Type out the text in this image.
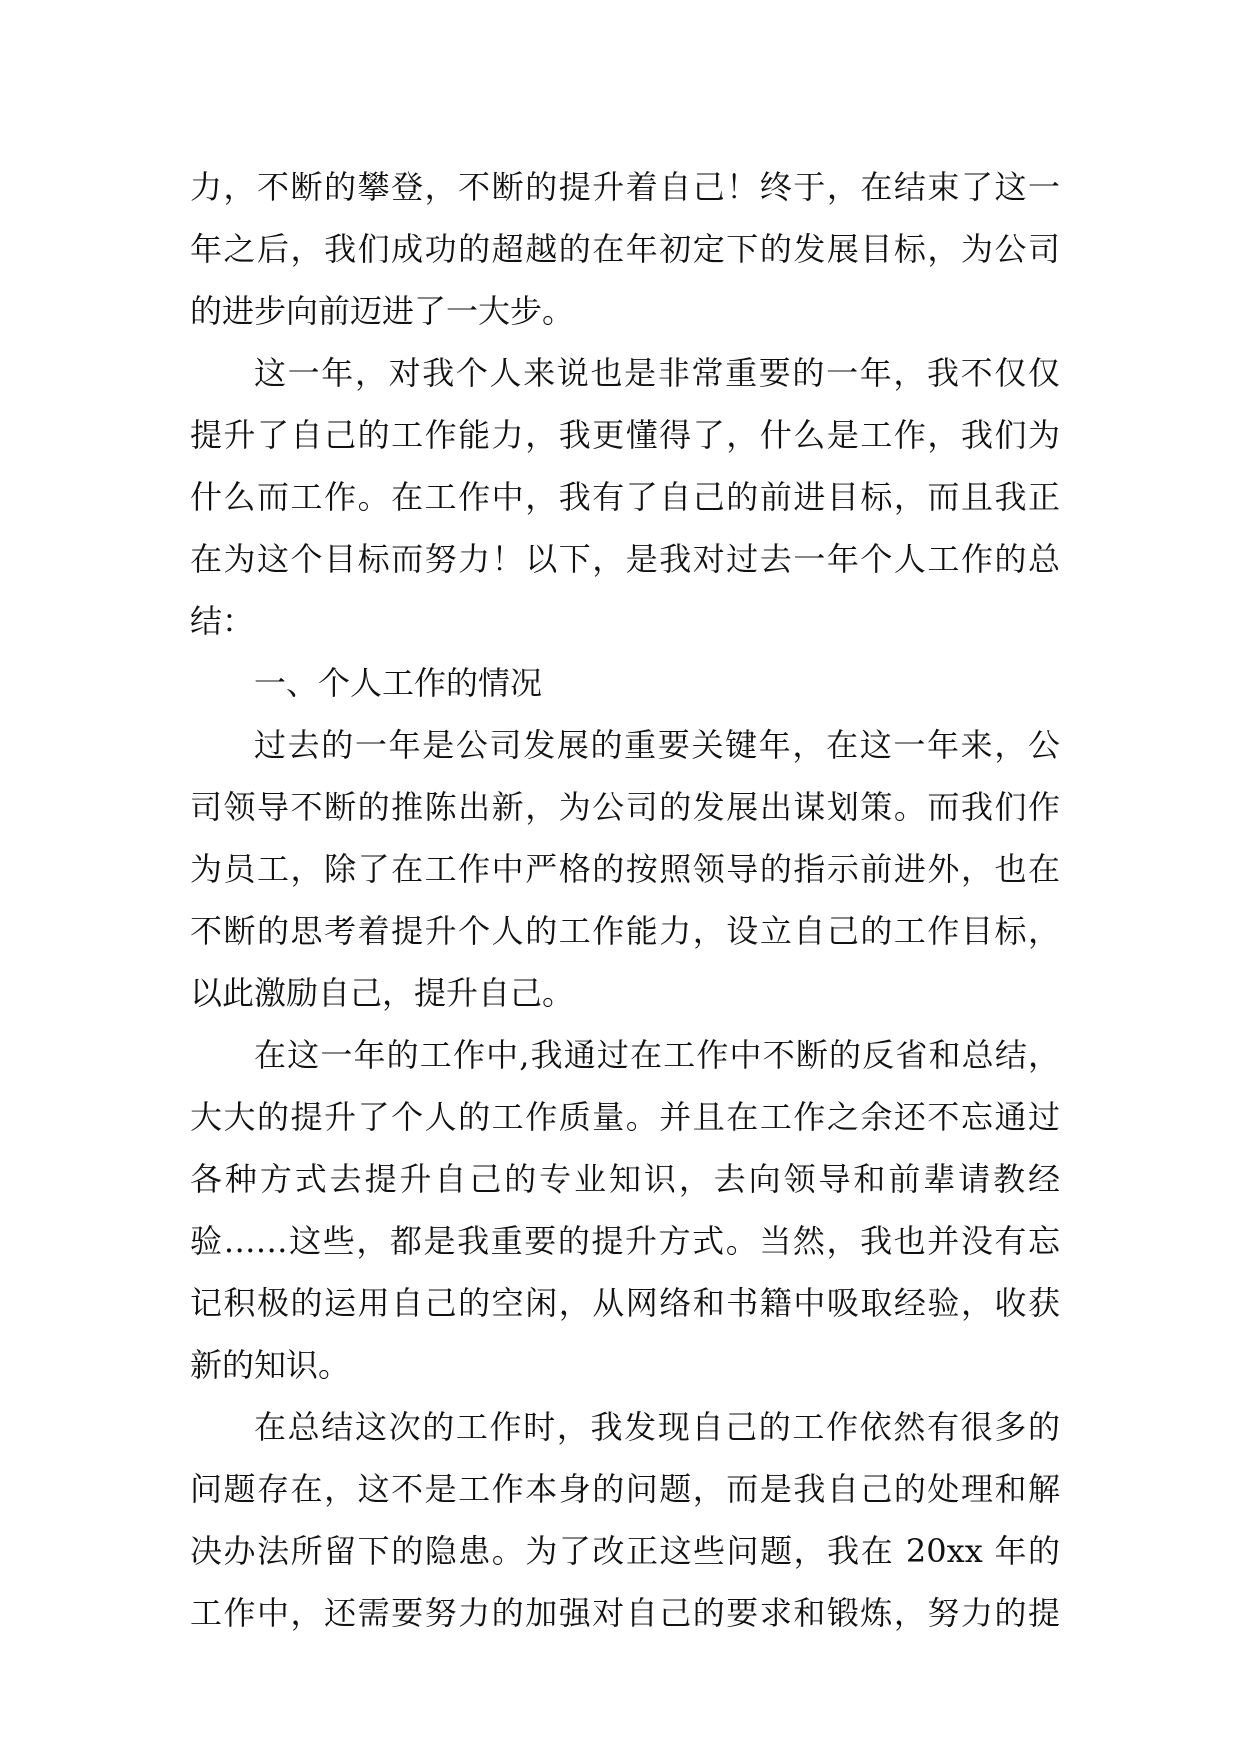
力，不断的攀登，不断的提升着自己！终于，在结束了这一
年之后，我们成功的超越的在年初定下的发展目标，为公司
的进步向前迈进了一大步。
这一年，对我个人来说也是非常重要的一年，我不仅仅
提升了自己的工作能力，我更懂得了，什么是工作，我们为
什么而工作。在工作中，我有了自己的前进目标，而且我正
在为这个目标而努力！以下，是我对过去一年个人工作的总
结：
一、个人工作的情况
过去的一年是公司发展的重要关键年，在这一年来，公
司领导不断的推陈出新，为公司的发展出谋划策。而我们作
为员工，除了在工作中严格的按照领导的指示前进外，也在
不断的思考着提升个人的工作能力，设立自己的工作目标，
以此激励自己，提升自己。
在这一年的工作中,我通过在工作中不断的反省和总结，
大大的提升了个人的工作质量。并且在工作之余还不忘通过
各种方式去提升自己的专业知识，去向领导和前辈请教经
验……这些，都是我重要的提升方式。当然，我也并没有忘
记积极的运用自己的空闲，从网络和书籍中吸取经验，收获
新的知识。
在总结这次的工作时，我发现自己的工作依然有很多的
问题存在，这不是工作本身的问题，而是我自己的处理和解
决办法所留下的隐患。为了改正这些问题，我在 20xx 年的
工作中，还需要努力的加强对自己的要求和锻炼，努力的提
